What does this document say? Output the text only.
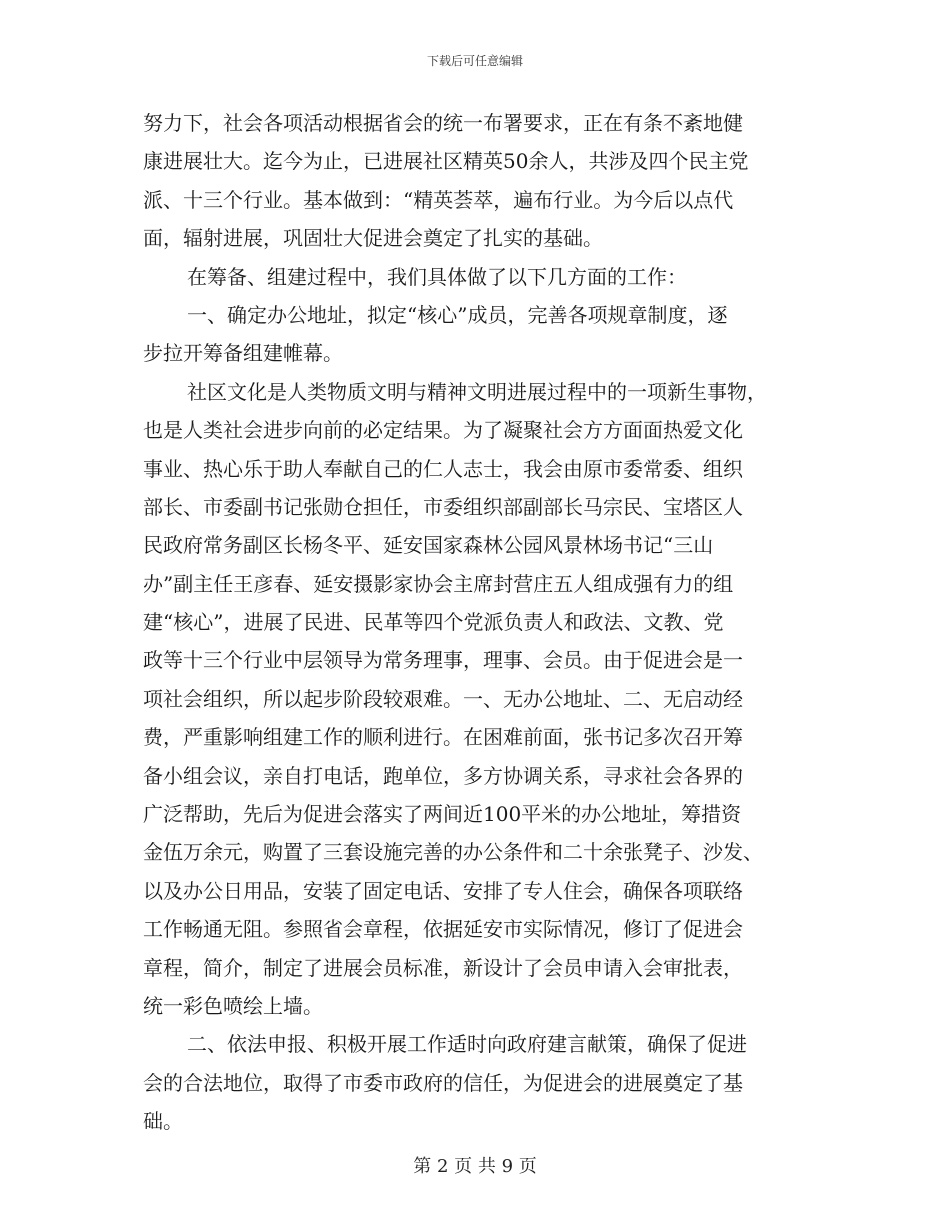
下载后可任意编辑
努力下，社会各项活动根据省会的统一布署要求，正在有条不紊地健
康进展壮大。迄今为止，已进展社区精英50余人，共涉及四个民主党
派、十三个行业。基本做到：“精英荟萃，遍布行业。为今后以点代
面，辐射进展，巩固壮大促进会奠定了扎实的基础。
在筹备、组建过程中，我们具体做了以下几方面的工作：
一、确定办公地址，拟定“核心”成员，完善各项规章制度，逐
步拉开筹备组建帷幕。
社区文化是人类物质文明与精神文明进展过程中的一项新生事物，
也是人类社会进步向前的必定结果。为了凝聚社会方方面面热爱文化
事业、热心乐于助人奉献自己的仁人志士，我会由原市委常委、组织
部长、市委副书记张勋仓担任，市委组织部副部长马宗民、宝塔区人
民政府常务副区长杨冬平、延安国家森林公园风景林场书记“三山
办”副主任王彦春、延安摄影家协会主席封营庄五人组成强有力的组
建“核心”，进展了民进、民革等四个党派负责人和政法、文教、党
政等十三个行业中层领导为常务理事，理事、会员。由于促进会是一
项社会组织，所以起步阶段较艰难。一、无办公地址、二、无启动经
费，严重影响组建工作的顺利进行。在困难前面，张书记多次召开筹
备小组会议，亲自打电话，跑单位，多方协调关系，寻求社会各界的
广泛帮助，先后为促进会落实了两间近100平米的办公地址，筹措资
金伍万余元，购置了三套设施完善的办公条件和二十余张凳子、沙发、
以及办公日用品，安装了固定电话、安排了专人住会，确保各项联络
工作畅通无阻。参照省会章程，依据延安市实际情况，修订了促进会
章程，简介，制定了进展会员标准，新设计了会员申请入会审批表，
统一彩色喷绘上墙。
二、依法申报、积极开展工作适时向政府建言献策，确保了促进
会的合法地位，取得了市委市政府的信任，为促进会的进展奠定了基
础。
第 2 页 共 9 页
